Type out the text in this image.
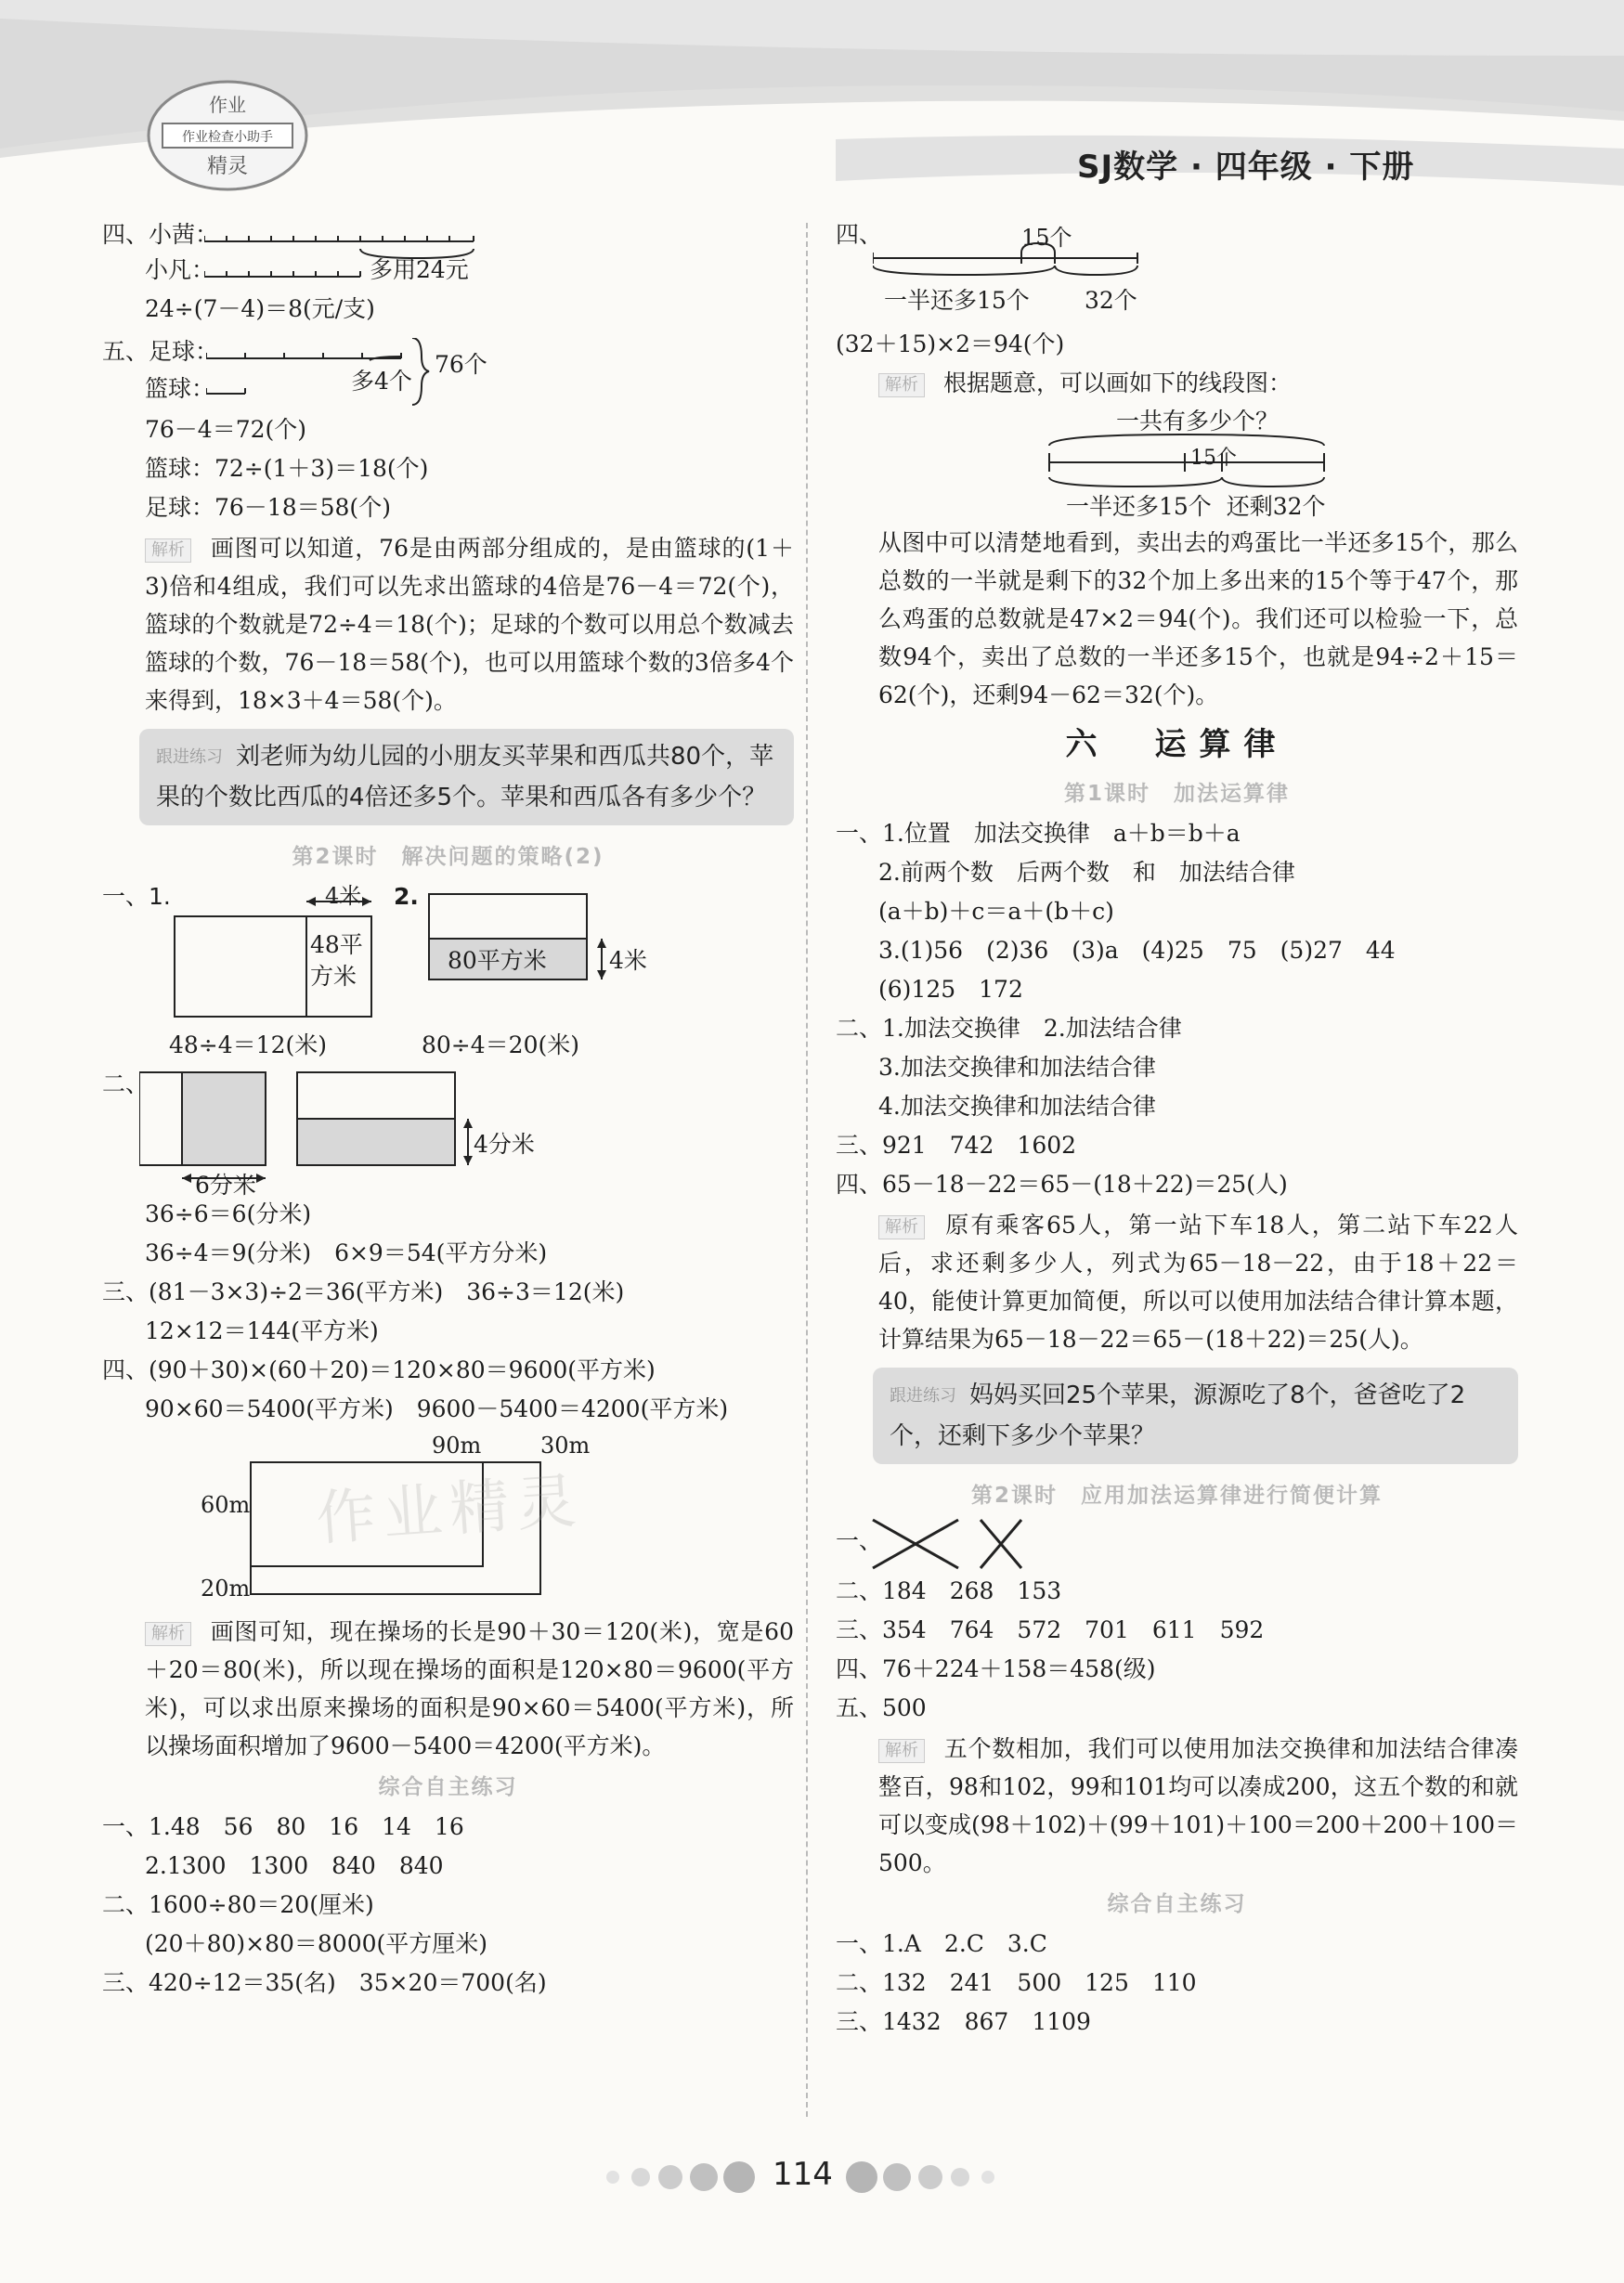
作业
作业检查小助手
精灵	SJ数学 · 四年级 · 下册
四、小茜：
小凡：	多用24元
24÷(7－4)＝8(元/支)
五、足球：
篮球：	多4个
76个
76－4＝72(个)
篮球：72÷(1＋3)＝18(个)
足球：76－18＝58(个)
解析 画图可以知道，76是由两部分组成的，是由篮球的(1＋3)倍和4组成，我们可以先求出篮球的4倍是76－4＝72(个)，篮球的个数就是72÷4＝18(个)；足球的个数可以用总个数减去篮球的个数，76－18＝58(个)，也可以用篮球个数的3倍多4个来得到，18×3＋4＝58(个)。
跟进练习 刘老师为幼儿园的小朋友买苹果和西瓜共80个，苹果的个数比西瓜的4倍还多5个。苹果和西瓜各有多少个？
第2课时　解决问题的策略(2)
一、1.	2.
4米
48平
方米
80平方米	4米
48÷4＝12(米)	80÷4＝20(米)
二、
6分米
4分米
36÷6＝6(分米)
36÷4＝9(分米)　6×9＝54(平方分米)
三、(81－3×3)÷2＝36(平方米)　36÷3＝12(米)
12×12＝144(平方米)
四、(90＋30)×(60＋20)＝120×80＝9600(平方米)
90×60＝5400(平方米)　9600－5400＝4200(平方米)
90m	30m
60m
20m
解析 画图可知，现在操场的长是90＋30＝120(米)，宽是60＋20＝80(米)，所以现在操场的面积是120×80＝9600(平方米)，可以求出原来操场的面积是90×60＝5400(平方米)，所以操场面积增加了9600－5400＝4200(平方米)。
综合自主练习
一、1.48　56　80　16　14　16
2.1300　1300　840　840
二、1600÷80＝20(厘米)
(20＋80)×80＝8000(平方厘米)
三、420÷12＝35(名)　35×20＝700(名)
作业精灵
四、	15个
一半还多15个 32个
(32＋15)×2＝94(个)
解析 根据题意，可以画如下的线段图：
一共有多少个？
15个
一半还多15个  还剩32个
从图中可以清楚地看到，卖出去的鸡蛋比一半还多15个，那么总数的一半就是剩下的32个加上多出来的15个等于47个，那么鸡蛋的总数就是47×2＝94(个)。我们还可以检验一下，总数94个，卖出了总数的一半还多15个，也就是94÷2＋15＝62(个)，还剩94－62＝32(个)。
六　运算律
第1课时　加法运算律
一、1.位置　加法交换律　a＋b＝b＋a
2.前两个数　后两个数　和　加法结合律
(a＋b)＋c＝a＋(b＋c)
3.(1)56　(2)36　(3)a　(4)25　75　(5)27　44
(6)125　172
二、1.加法交换律　2.加法结合律
3.加法交换律和加法结合律
4.加法交换律和加法结合律
三、921　742　1602
四、65－18－22＝65－(18＋22)＝25(人)
解析 原有乘客65人，第一站下车18人，第二站下车22人后，求还剩多少人，列式为65－18－22，由于18＋22＝40，能使计算更加简便，所以可以使用加法结合律计算本题，计算结果为65－18－22＝65－(18＋22)＝25(人)。
跟进练习 妈妈买回25个苹果，源源吃了8个，爸爸吃了2个，还剩下多少个苹果？
第2课时　应用加法运算律进行简便计算
一、
二、184　268　153
三、354　764　572　701　611　592
四、76＋224＋158＝458(级)
五、500
解析 五个数相加，我们可以使用加法交换律和加法结合律凑整百，98和102，99和101均可以凑成200，这五个数的和就可以变成(98＋102)＋(99＋101)＋100＝200＋200＋100＝500。
综合自主练习
一、1.A　2.C　3.C
二、132　241　500　125　110
三、1432　867　1109
114
